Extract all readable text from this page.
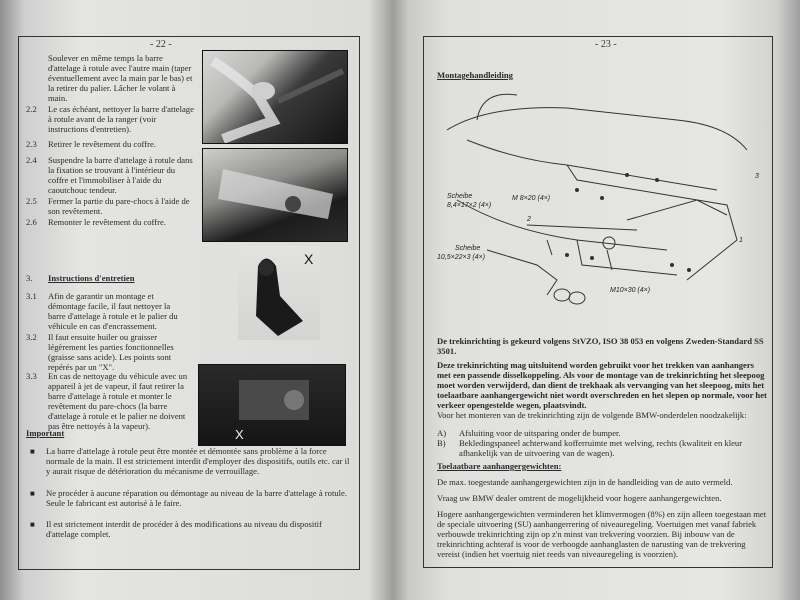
- 22 -
Soulever en même temps la barre d'attelage à rotule avec l'autre main (taper éventuellement avec la main par le bas) et la retirer du palier. Lâcher le volant à main.
2.2 Le cas échéant, nettoyer la barre d'attelage à rotule avant de la ranger (voir instructions d'entretien).
2.3 Retirer le revêtement du coffre.
2.4 Suspendre la barre d'attelage à rotule dans la fixation se trouvant à l'intérieur du coffre et l'immobiliser à l'aide du caoutchouc tendeur.
2.5 Fermer la partie du pare-chocs à l'aide de son revêtement.
2.6 Remonter le revêtement du coffre.
X
X
3. Instructions d'entretien
3.1 Afin de garantir un montage et démontage facile, il faut nettoyer la barre d'attelage à rotule et le palier du véhicule en cas d'encrassement.
3.2 Il faut ensuite huiler ou graisser légèrement les parties fonctionnelles (graisse sans acide). Les points sont repérés par un "X".
3.3 En cas de nettoyage du véhicule avec un appareil à jet de vapeur, il faut retirer la barre d'attelage à rotule et monter le revêtement du pare-chocs (la barre d'attelage à rotule et le palier ne doivent pas être nettoyés à la vapeur).
Important
■ La barre d'attelage à rotule peut être montée et démontée sans problème à la force normale de la main. Il est strictement interdit d'employer des dispositifs, outils etc. car il y aurait risque de détérioration du mécanisme de verrouillage.
■ Ne procéder à aucune réparation ou démontage au niveau de la barre d'attelage à rotule. Seule le fabricant est autorisé à le faire.
■ Il est strictement interdit de procéder à des modifications au niveau du dispositif d'attelage complet.
- 23 -
Montagehandleiding
Scheibe
8,4×17×2 (4×)
M 8×20 (4×)
Scheibe
10,5×22×3 (4×)
M10×30 (4×)
1
2
3
De trekinrichting is gekeurd volgens StVZO, ISO 38 053 en volgens Zweden-Standard SS 3501.
Deze trekinrichting mag uitsluitend worden gebruikt voor het trekken van aanhangers met een passende disselkoppeling. Als voor de montage van de trekinrichting het sleepoog moet worden verwijderd, dan dient de trekhaak als vervanging van het sleepoog, mits het toelaatbare aanhangergewicht niet wordt overschreden en het slepen op normale, voor het verkeer opengestelde wegen, plaatsvindt.
Voor het monteren van de trekinrichting zijn de volgende BMW-onderdelen noodzakelijk:
A) Afsluiting voor de uitsparing onder de bumper.
B) Bekledingspaneel achterwand kofferruimte met welving, rechts (kwaliteit en kleur afhankelijk van de uitvoering van de wagen).
Toelaatbare aanhangergewichten:
De max. toegestande aanhangergewichten zijn in de handleiding van de auto vermeld.
Vraag uw BMW dealer omtrent de mogelijkheid voor hogere aanhangergewichten.
Hogere aanhangergewichten verminderen het klimvermogen (8%) en zijn alleen toegestaan met de speciale uitvoering (SU) aanhangerrering of niveauregeling. Voertuigen met vanaf fabriek verbouwde trekinrichting zijn op z'n minst van trekvering voorzien. Bij inbouw van de trekinrichting achteraf is voor de verhoogde aanhanglasten de narusting van de trekvering vereist (indien het voertuig niet reeds van niveauregeling is voorzien).
